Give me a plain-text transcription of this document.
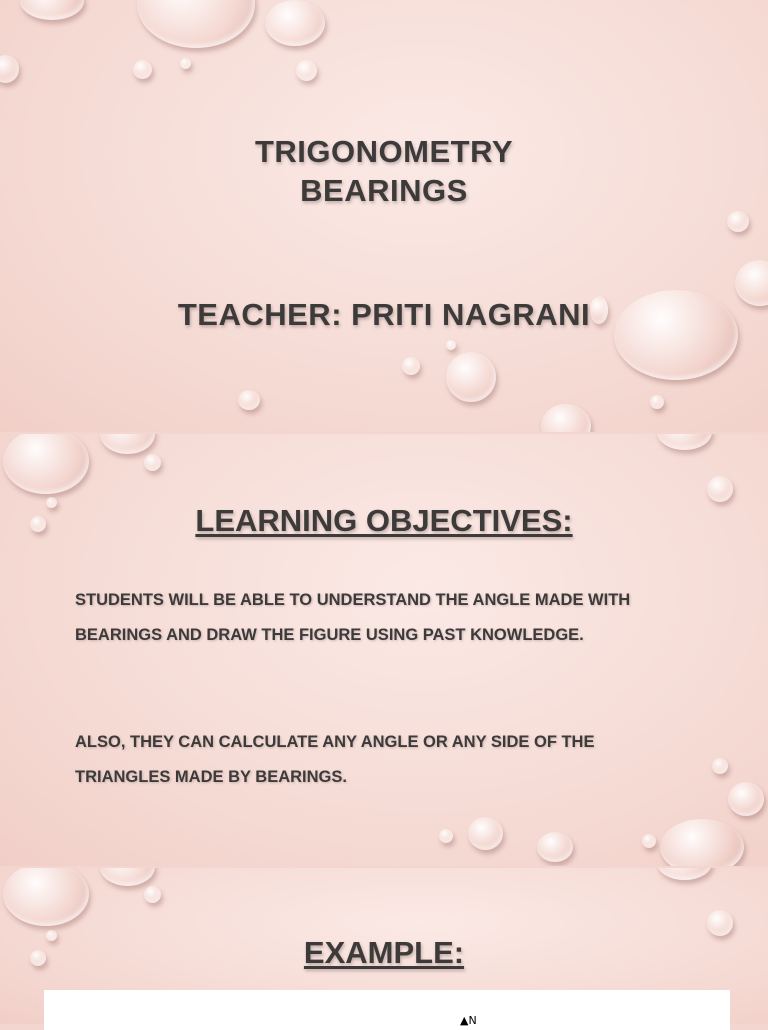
TRIGONOMETRY
BEARINGS
TEACHER: PRITI NAGRANI
LEARNING OBJECTIVES:

STUDENTS WILL BE ABLE TO UNDERSTAND THE ANGLE MADE WITH BEARINGS AND DRAW THE FIGURE USING PAST KNOWLEDGE.

ALSO, THEY CAN CALCULATE ANY ANGLE OR ANY SIDE OF THE TRIANGLES MADE BY BEARINGS.

EXAMPLE:
▲N
